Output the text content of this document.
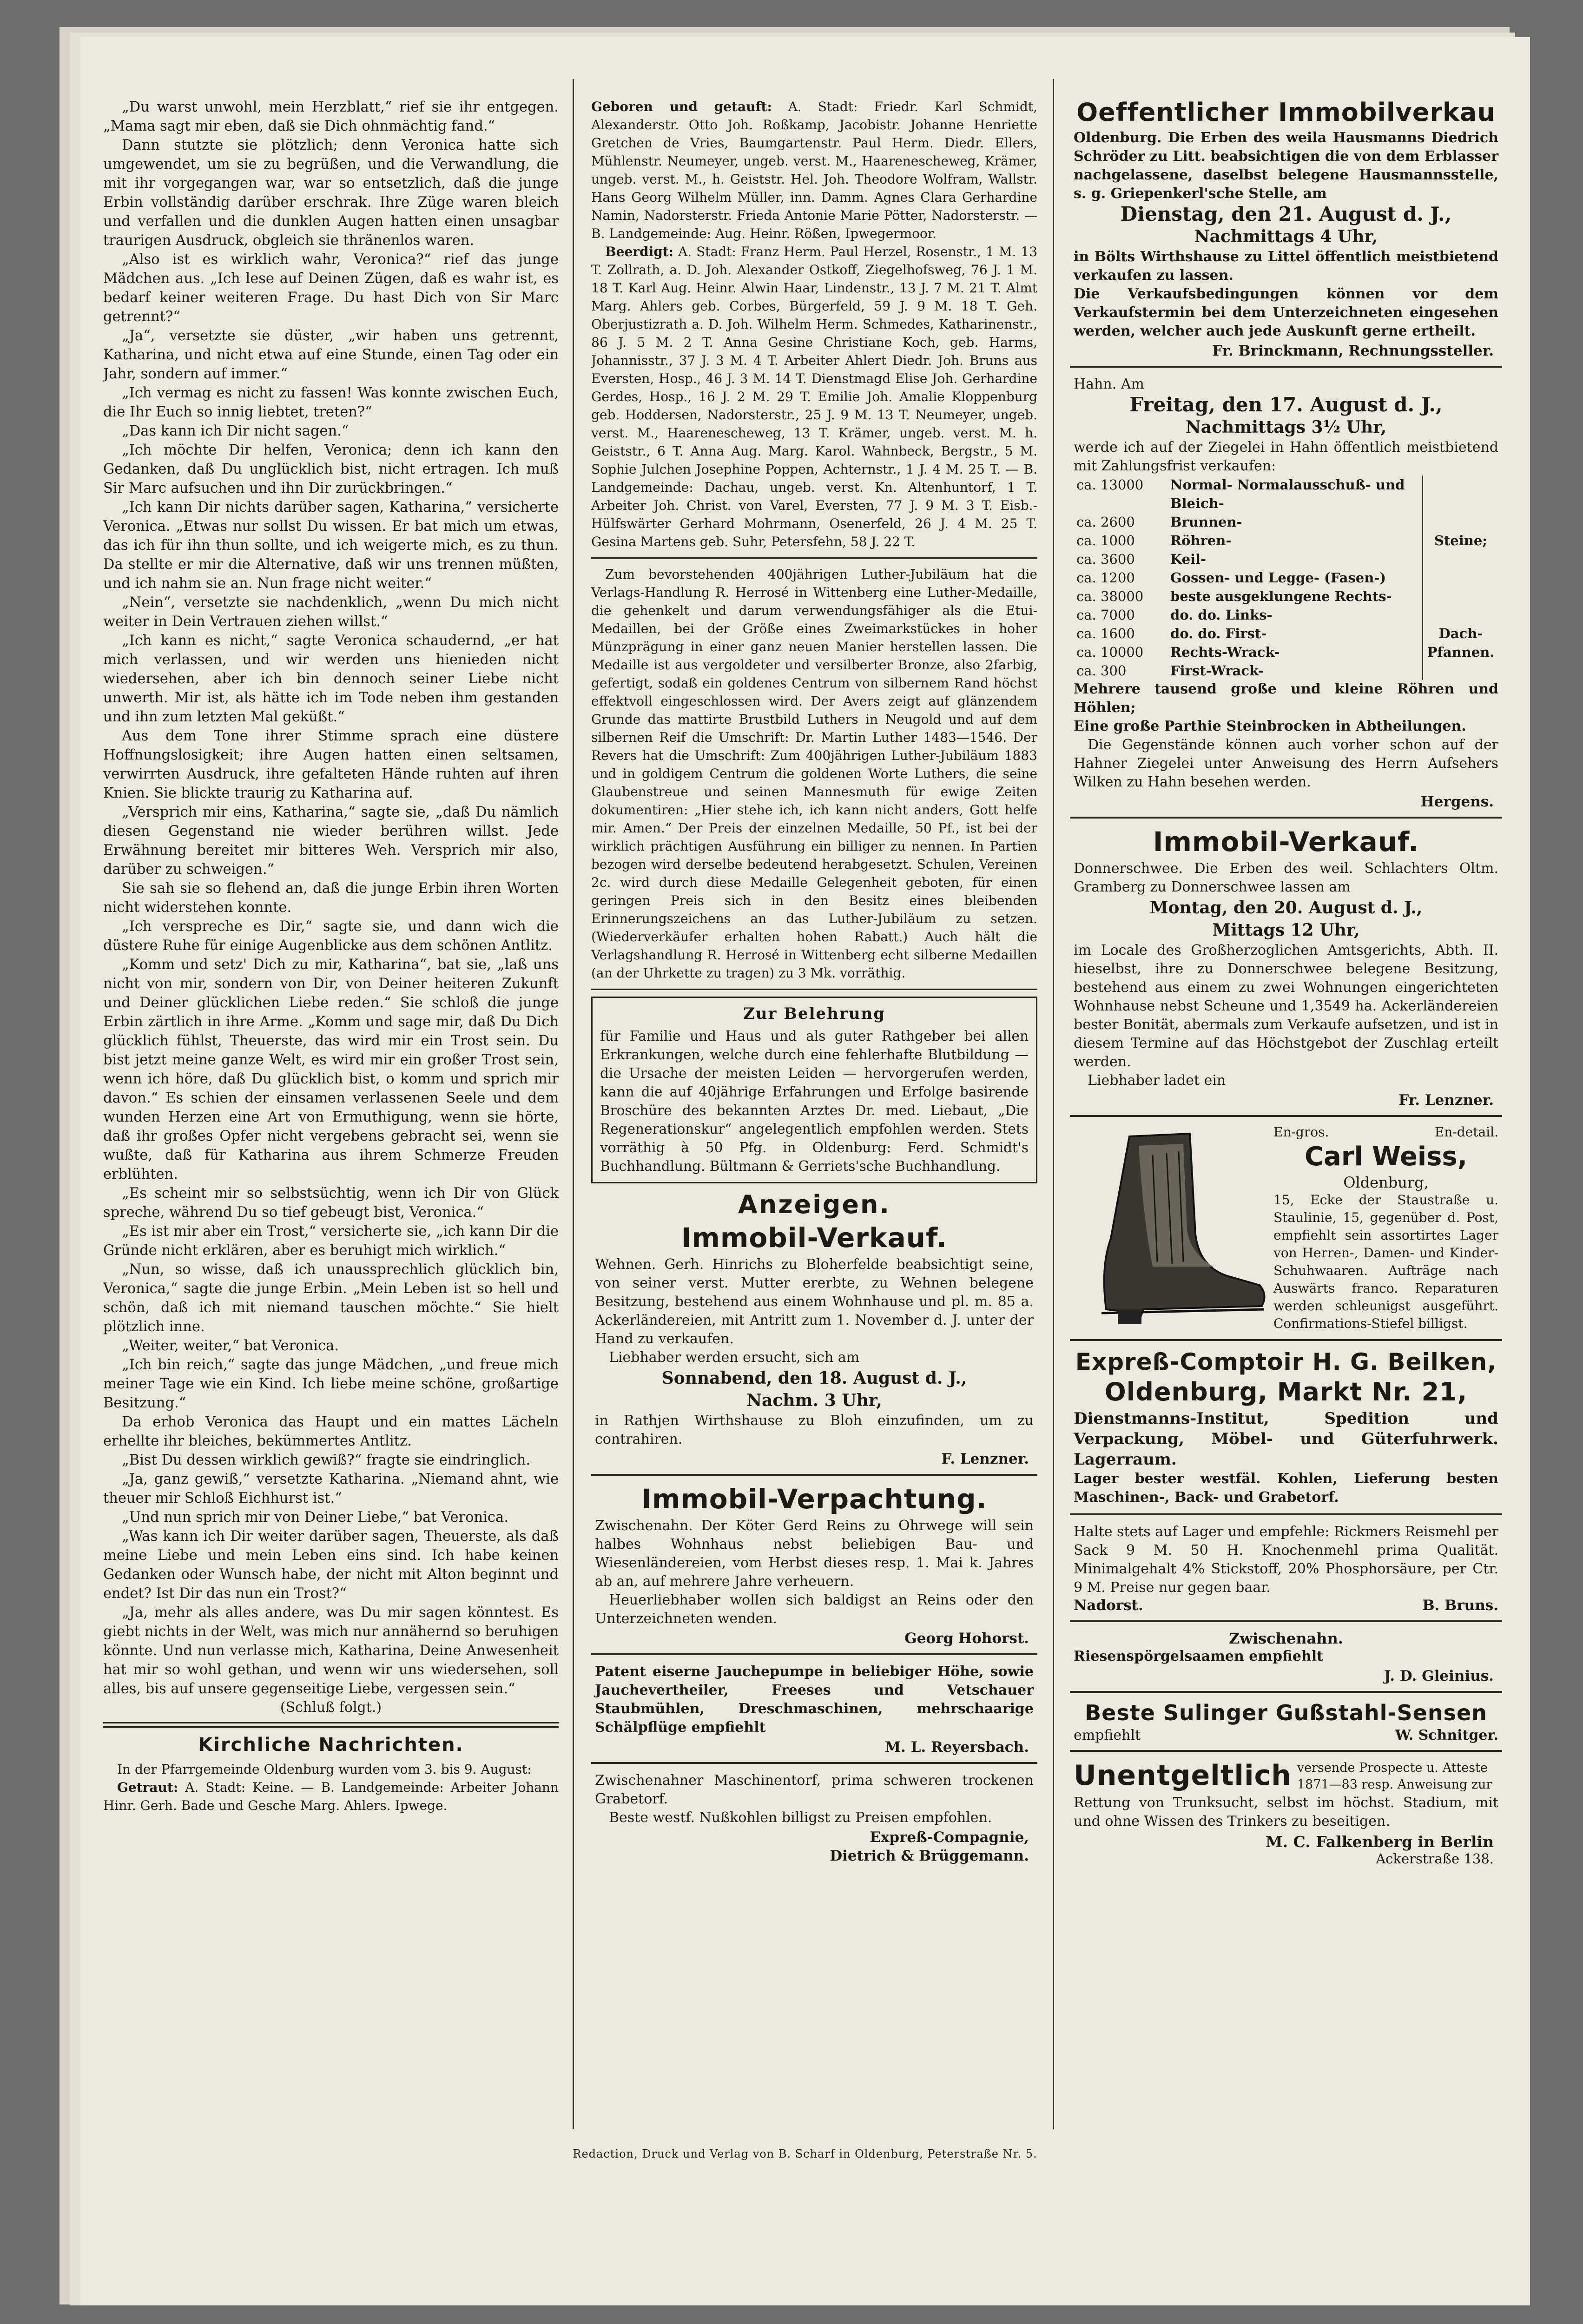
„Du warst unwohl, mein Herzblatt,“ rief sie ihr entgegen. „Mama sagt mir eben, daß sie Dich ohnmächtig fand.“

Dann stutzte sie plötzlich; denn Veronica hatte sich umgewendet, um sie zu begrüßen, und die Verwandlung, die mit ihr vorgegangen war, war so entsetzlich, daß die junge Erbin vollständig darüber erschrak. Ihre Züge waren bleich und verfallen und die dunklen Augen hatten einen unsagbar traurigen Ausdruck, obgleich sie thränenlos waren.

„Also ist es wirklich wahr, Veronica?“ rief das junge Mädchen aus. „Ich lese auf Deinen Zügen, daß es wahr ist, es bedarf keiner weiteren Frage. Du hast Dich von Sir Marc getrennt?“

„Ja“, versetzte sie düster, „wir haben uns getrennt, Katharina, und nicht etwa auf eine Stunde, einen Tag oder ein Jahr, sondern auf immer.“

„Ich vermag es nicht zu fassen! Was konnte zwischen Euch, die Ihr Euch so innig liebtet, treten?“

„Das kann ich Dir nicht sagen.“

„Ich möchte Dir helfen, Veronica; denn ich kann den Gedanken, daß Du unglücklich bist, nicht ertragen. Ich muß Sir Marc aufsuchen und ihn Dir zurückbringen.“

„Ich kann Dir nichts darüber sagen, Katharina,“ versicherte Veronica. „Etwas nur sollst Du wissen. Er bat mich um etwas, das ich für ihn thun sollte, und ich weigerte mich, es zu thun. Da stellte er mir die Alternative, daß wir uns trennen müßten, und ich nahm sie an. Nun frage nicht weiter.“

„Nein“, versetzte sie nachdenklich, „wenn Du mich nicht weiter in Dein Vertrauen ziehen willst.“

„Ich kann es nicht,“ sagte Veronica schaudernd, „er hat mich verlassen, und wir werden uns hienieden nicht wiedersehen, aber ich bin dennoch seiner Liebe nicht unwerth. Mir ist, als hätte ich im Tode neben ihm gestanden und ihn zum letzten Mal geküßt.“

Aus dem Tone ihrer Stimme sprach eine düstere Hoffnungslosigkeit; ihre Augen hatten einen seltsamen, verwirrten Ausdruck, ihre gefalteten Hände ruhten auf ihren Knien. Sie blickte traurig zu Katharina auf.

„Versprich mir eins, Katharina,“ sagte sie, „daß Du nämlich diesen Gegenstand nie wieder berühren willst. Jede Erwähnung bereitet mir bitteres Weh. Versprich mir also, darüber zu schweigen.“

Sie sah sie so flehend an, daß die junge Erbin ihren Worten nicht widerstehen konnte.

„Ich verspreche es Dir,“ sagte sie, und dann wich die düstere Ruhe für einige Augenblicke aus dem schönen Antlitz.

„Komm und setz' Dich zu mir, Katharina“, bat sie, „laß uns nicht von mir, sondern von Dir, von Deiner heiteren Zukunft und Deiner glücklichen Liebe reden.“ Sie schloß die junge Erbin zärtlich in ihre Arme. „Komm und sage mir, daß Du Dich glücklich fühlst, Theuerste, das wird mir ein Trost sein. Du bist jetzt meine ganze Welt, es wird mir ein großer Trost sein, wenn ich höre, daß Du glücklich bist, o komm und sprich mir davon.“ Es schien der einsamen verlassenen Seele und dem wunden Herzen eine Art von Ermuthigung, wenn sie hörte, daß ihr großes Opfer nicht vergebens gebracht sei, wenn sie wußte, daß für Katharina aus ihrem Schmerze Freuden erblühten.

„Es scheint mir so selbstsüchtig, wenn ich Dir von Glück spreche, während Du so tief gebeugt bist, Veronica.“

„Es ist mir aber ein Trost,“ versicherte sie, „ich kann Dir die Gründe nicht erklären, aber es beruhigt mich wirklich.“

„Nun, so wisse, daß ich unaussprechlich glücklich bin, Veronica,“ sagte die junge Erbin. „Mein Leben ist so hell und schön, daß ich mit niemand tauschen möchte.“ Sie hielt plötzlich inne.

„Weiter, weiter,“ bat Veronica.

„Ich bin reich,“ sagte das junge Mädchen, „und freue mich meiner Tage wie ein Kind. Ich liebe meine schöne, großartige Besitzung.“

Da erhob Veronica das Haupt und ein mattes Lächeln erhellte ihr bleiches, bekümmertes Antlitz.

„Bist Du dessen wirklich gewiß?“ fragte sie eindringlich.

„Ja, ganz gewiß,“ versetzte Katharina. „Niemand ahnt, wie theuer mir Schloß Eichhurst ist.“

„Und nun sprich mir von Deiner Liebe,“ bat Veronica.

„Was kann ich Dir weiter darüber sagen, Theuerste, als daß meine Liebe und mein Leben eins sind. Ich habe keinen Gedanken oder Wunsch habe, der nicht mit Alton beginnt und endet? Ist Dir das nun ein Trost?“

„Ja, mehr als alles andere, was Du mir sagen könntest. Es giebt nichts in der Welt, was mich nur annähernd so beruhigen könnte. Und nun verlasse mich, Katharina, Deine Anwesenheit hat mir so wohl gethan, und wenn wir uns wiedersehen, soll alles, bis auf unsere gegenseitige Liebe, vergessen sein.“

(Schluß folgt.)

Kirchliche Nachrichten.

In der Pfarrgemeinde Oldenburg wurden vom 3. bis 9. August:

Getraut: A. Stadt: Keine. — B. Landgemeinde: Arbeiter Johann Hinr. Gerh. Bade und Gesche Marg. Ahlers. Ipwege.

Geboren und getauft: A. Stadt: Friedr. Karl Schmidt, Alexanderstr. Otto Joh. Roßkamp, Jacobistr. Johanne Henriette Gretchen de Vries, Baumgartenstr. Paul Herm. Diedr. Ellers, Mühlenstr. Neumeyer, ungeb. verst. M., Haarenescheweg, Krämer, ungeb. verst. M., h. Geiststr. Hel. Joh. Theodore Wolfram, Wallstr. Hans Georg Wilhelm Müller, inn. Damm. Agnes Clara Gerhardine Namin, Nadorsterstr. Frieda Antonie Marie Pötter, Nadorsterstr. — B. Landgemeinde: Aug. Heinr. Rößen, Ipwegermoor.

Beerdigt: A. Stadt: Franz Herm. Paul Herzel, Rosenstr., 1 M. 13 T. Zollrath, a. D. Joh. Alexander Ostkoff, Ziegelhofsweg, 76 J. 1 M. 18 T. Karl Aug. Heinr. Alwin Haar, Lindenstr., 13 J. 7 M. 21 T. Almt Marg. Ahlers geb. Corbes, Bürgerfeld, 59 J. 9 M. 18 T. Geh. Oberjustizrath a. D. Joh. Wilhelm Herm. Schmedes, Katharinenstr., 86 J. 5 M. 2 T. Anna Gesine Christiane Koch, geb. Harms, Johannisstr., 37 J. 3 M. 4 T. Arbeiter Ahlert Diedr. Joh. Bruns aus Eversten, Hosp., 46 J. 3 M. 14 T. Dienstmagd Elise Joh. Gerhardine Gerdes, Hosp., 16 J. 2 M. 29 T. Emilie Joh. Amalie Kloppenburg geb. Hoddersen, Nadorsterstr., 25 J. 9 M. 13 T. Neumeyer, ungeb. verst. M., Haarenescheweg, 13 T. Krämer, ungeb. verst. M. h. Geiststr., 6 T. Anna Aug. Marg. Karol. Wahnbeck, Bergstr., 5 M. Sophie Julchen Josephine Poppen, Achternstr., 1 J. 4 M. 25 T. — B. Landgemeinde: Dachau, ungeb. verst. Kn. Altenhuntorf, 1 T. Arbeiter Joh. Christ. von Varel, Eversten, 77 J. 9 M. 3 T. Eisb.-Hülfswärter Gerhard Mohrmann, Osenerfeld, 26 J. 4 M. 25 T. Gesina Martens geb. Suhr, Petersfehn, 58 J. 22 T.

Zum bevorstehenden 400jährigen Luther-Jubiläum hat die Verlags-Handlung R. Herrosé in Wittenberg eine Luther-Medaille, die gehenkelt und darum verwendungsfähiger als die Etui-Medaillen, bei der Größe eines Zweimarkstückes in hoher Münzprägung in einer ganz neuen Manier herstellen lassen. Die Medaille ist aus vergoldeter und versilberter Bronze, also 2farbig, gefertigt, sodaß ein goldenes Centrum von silbernem Rand höchst effektvoll eingeschlossen wird. Der Avers zeigt auf glänzendem Grunde das mattirte Brustbild Luthers in Neugold und auf dem silbernen Reif die Umschrift: Dr. Martin Luther 1483—1546. Der Revers hat die Umschrift: Zum 400jährigen Luther-Jubiläum 1883 und in goldigem Centrum die goldenen Worte Luthers, die seine Glaubenstreue und seinen Mannesmuth für ewige Zeiten dokumentiren: „Hier stehe ich, ich kann nicht anders, Gott helfe mir. Amen.“ Der Preis der einzelnen Medaille, 50 Pf., ist bei der wirklich prächtigen Ausführung ein billiger zu nennen. In Partien bezogen wird derselbe bedeutend herabgesetzt. Schulen, Vereinen 2c. wird durch diese Medaille Gelegenheit geboten, für einen geringen Preis sich in den Besitz eines bleibenden Erinnerungszeichens an das Luther-Jubiläum zu setzen. (Wiederverkäufer erhalten hohen Rabatt.) Auch hält die Verlagshandlung R. Herrosé in Wittenberg echt silberne Medaillen (an der Uhrkette zu tragen) zu 3 Mk. vorräthig.

Zur Belehrung

für Familie und Haus und als guter Rathgeber bei allen Erkrankungen, welche durch eine fehlerhafte Blutbildung — die Ursache der meisten Leiden — hervorgerufen werden, kann die auf 40jährige Erfahrungen und Erfolge basirende Broschüre des bekannten Arztes Dr. med. Liebaut, „Die Regenerationskur“ angelegentlich empfohlen werden. Stets vorräthig à 50 Pfg. in Oldenburg: Ferd. Schmidt's Buchhandlung. Bültmann & Gerriets'sche Buchhandlung.

Anzeigen.
Immobil-Verkauf.

Wehnen. Gerh. Hinrichs zu Bloherfelde beabsichtigt seine, von seiner verst. Mutter ererbte, zu Wehnen belegene Besitzung, bestehend aus einem Wohnhause und pl. m. 85 a. Ackerländereien, mit Antritt zum 1. November d. J. unter der Hand zu verkaufen.

Liebhaber werden ersucht, sich am

Sonnabend, den 18. August d. J.,
Nachm. 3 Uhr,

in Rathjen Wirthshause zu Bloh einzufinden, um zu contrahiren.

F. Lenzner.
Immobil-Verpachtung.

Zwischenahn. Der Köter Gerd Reins zu Ohrwege will sein halbes Wohnhaus nebst beliebigen Bau- und Wiesenländereien, vom Herbst dieses resp. 1. Mai k. Jahres ab an, auf mehrere Jahre verheuern.

Heuerliebhaber wollen sich baldigst an Reins oder den Unterzeichneten wenden.

Georg Hohorst.

Patent eiserne Jauchepumpe in beliebiger Höhe, sowie Jauchevertheiler, Freeses und Vetschauer Staubmühlen, Dreschmaschinen, mehrschaarige Schälpflüge empfiehlt

M. L. Reyersbach.

Zwischenahner Maschinentorf, prima schweren trockenen Grabetorf.

Beste westf. Nußkohlen billigst zu Preisen empfohlen.

Expreß-Compagnie,
Dietrich & Brüggemann.
Oeffentlicher Immobilverkau

Oldenburg. Die Erben des weila Hausmanns Diedrich Schröder zu Litt. beabsichtigen die von dem Erblasser nachgelassene, daselbst belegene Hausmannsstelle, s. g. Griepenkerl'sche Stelle, am

Dienstag, den 21. August d. J.,
Nachmittags 4 Uhr,

in Bölts Wirthshause zu Littel öffentlich meistbietend verkaufen zu lassen.

Die Verkaufsbedingungen können vor dem Verkaufstermin bei dem Unterzeichneten eingesehen werden, welcher auch jede Auskunft gerne ertheilt.

Fr. Brinckmann, Rechnungssteller.

Hahn. Am

Freitag, den 17. August d. J.,
Nachmittags 3½ Uhr,

werde ich auf der Ziegelei in Hahn öffentlich meistbietend mit Zahlungsfrist verkaufen:

ca. 13000	Normal- Normalausschuß- und Bleich-	Steine;
ca. 2600	Brunnen-	
ca. 1000	Röhren-	
ca. 3600	Keil-	
ca. 1200	Gossen- und Legge- (Fasen-)	
ca. 38000	beste ausgeklungene Rechts-	
ca. 7000	do. do. Links-	Dach-Pfannen.
ca. 1600	do. do. First-	
ca. 10000	Rechts-Wrack-	
ca. 300	First-Wrack-	

Mehrere tausend große und kleine Röhren und Höhlen;

Eine große Parthie Steinbrocken in Abtheilungen.

Die Gegenstände können auch vorher schon auf der Hahner Ziegelei unter Anweisung des Herrn Aufsehers Wilken zu Hahn besehen werden.

Hergens.
Immobil-Verkauf.

Donnerschwee. Die Erben des weil. Schlachters Oltm. Gramberg zu Donnerschwee lassen am

Montag, den 20. August d. J.,
Mittags 12 Uhr,

im Locale des Großherzoglichen Amtsgerichts, Abth. II. hieselbst, ihre zu Donnerschwee belegene Besitzung, bestehend aus einem zu zwei Wohnungen eingerichteten Wohnhause nebst Scheune und 1,3549 ha. Ackerländereien bester Bonität, abermals zum Verkaufe aufsetzen, und ist in diesem Termine auf das Höchstgebot der Zuschlag erteilt werden.

Liebhaber ladet ein

Fr. Lenzner.
En-gros.	En-detail.
Carl Weiss,
Oldenburg,

15, Ecke der Staustraße u. Staulinie, 15, gegenüber d. Post, empfiehlt sein assortirtes Lager von Herren-, Damen- und Kinder-Schuhwaaren. Aufträge nach Auswärts franco. Reparaturen werden schleunigst ausgeführt. Confirmations-Stiefel billigst.

Expreß-Comptoir H. G. Beilken,
Oldenburg, Markt Nr. 21,

Dienstmanns-Institut, Spedition und Verpackung, Möbel- und Güterfuhrwerk. Lagerraum.

Lager bester westfäl. Kohlen, Lieferung besten Maschinen-, Back- und Grabetorf.

Halte stets auf Lager und empfehle: Rickmers Reismehl per Sack 9 M. 50 H. Knochenmehl prima Qualität. Minimalgehalt 4% Stickstoff, 20% Phosphorsäure, per Ctr. 9 M. Preise nur gegen baar.

Nadorst.	B. Bruns.
Zwischenahn.

Riesenspörgelsaamen empfiehlt

J. D. Gleinius.
Beste Sulinger Gußstahl-Sensen
empfiehlt	W. Schnitger.
Unentgeltlich versende Prospecte u. Atteste 1871—83 resp. Anweisung zur

Rettung von Trunksucht, selbst im höchst. Stadium, mit und ohne Wissen des Trinkers zu beseitigen.

M. C. Falkenberg in Berlin
Ackerstraße 138.
Redaction, Druck und Verlag von B. Scharf in Oldenburg, Peterstraße Nr. 5.
